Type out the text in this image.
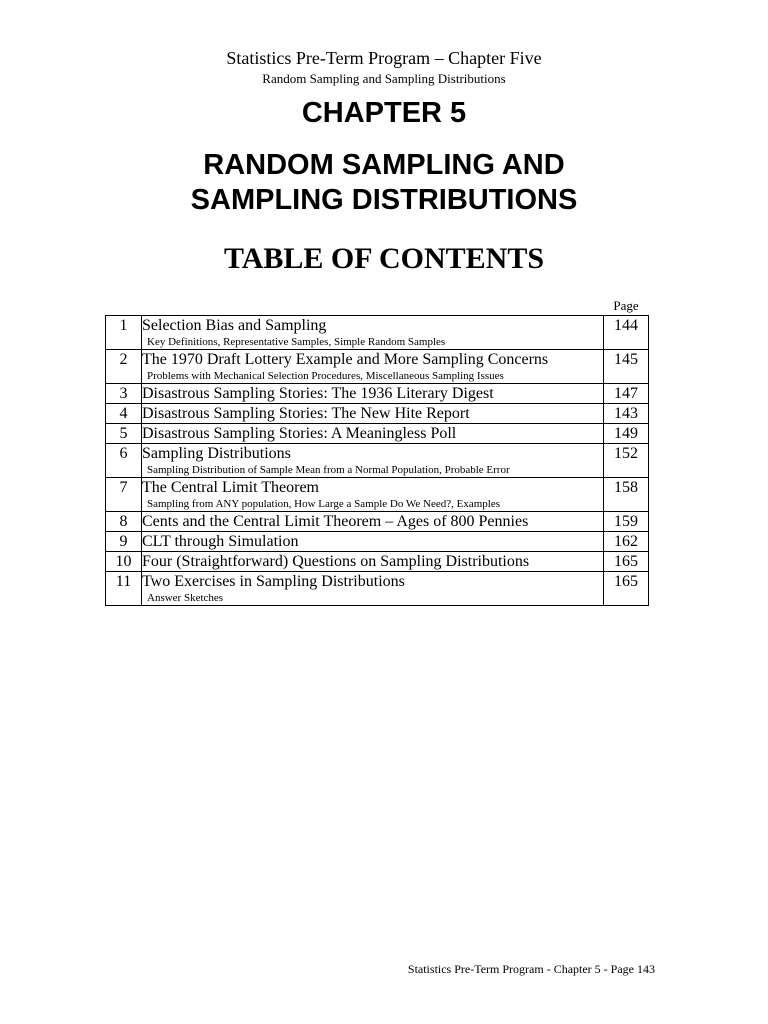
Statistics Pre-Term Program – Chapter Five
Random Sampling and Sampling Distributions
CHAPTER 5
RANDOM SAMPLING AND
SAMPLING DISTRIBUTIONS
TABLE OF CONTENTS
Page
1	Selection Bias and Sampling
Key Definitions, Representative Samples, Simple Random Samples	144
2	The 1970 Draft Lottery Example and More Sampling Concerns
Problems with Mechanical Selection Procedures, Miscellaneous Sampling Issues	145
3	Disastrous Sampling Stories: The 1936 Literary Digest	147
4	Disastrous Sampling Stories: The New Hite Report	143
5	Disastrous Sampling Stories: A Meaningless Poll	149
6	Sampling Distributions
Sampling Distribution of Sample Mean from a Normal Population, Probable Error	152
7	The Central Limit Theorem
Sampling from ANY population, How Large a Sample Do We Need?, Examples	158
8	Cents and the Central Limit Theorem – Ages of 800 Pennies	159
9	CLT through Simulation	162
10	Four (Straightforward) Questions on Sampling Distributions	165
11	Two Exercises in Sampling Distributions
Answer Sketches	165
Statistics Pre-Term Program - Chapter 5 - Page 143
